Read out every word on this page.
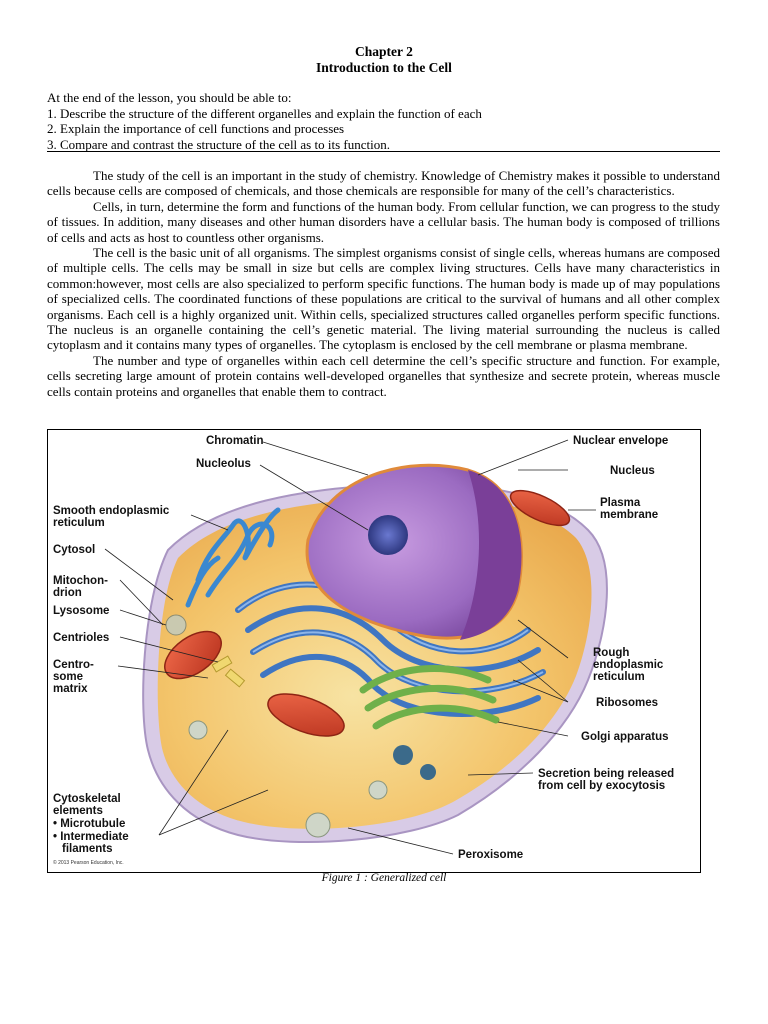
Chapter 2
Introduction to the Cell
At the end of the lesson, you should be able to:
1. Describe the structure of the different organelles and explain the function of each
2. Explain the importance of cell functions and processes
3. Compare and contrast the structure of the cell as to its function.

The study of the cell is an important in the study of chemistry. Knowledge of Chemistry makes it possible to understand cells because cells are composed of chemicals, and those chemicals are responsible for many of the cell’s characteristics.

Cells, in turn, determine the form and functions of the human body. From cellular function, we can progress to the study of tissues. In addition, many diseases and other human disorders have a cellular basis. The human body is composed of trillions of cells and acts as host to countless other organisms.

The cell is the basic unit of all organisms. The simplest organisms consist of single cells, whereas humans are composed of multiple cells. The cells may be small in size but cells are complex living structures. Cells have many characteristics in common:however, most cells are also specialized to perform specific functions. The human body is made up of may populations of specialized cells. The coordinated functions of these populations are critical to the survival of humans and all other complex organisms. Each cell is a highly organized unit. Within cells, specialized structures called organelles perform specific functions. The nucleus is an organelle containing the cell’s genetic material. The living material surrounding the nucleus is called cytoplasm and it contains many types of organelles. The cytoplasm is enclosed by the cell membrane or plasma membrane.

The number and type of organelles within each cell determine the cell’s specific structure and function. For example, cells secreting large amount of protein contains well-developed organelles that synthesize and secrete protein, whereas muscle cells contain proteins and organelles that enable them to contract.

Chromatin
Nucleolus
Smooth endoplasmic
reticulum
Cytosol
Mitochon-
drion
Lysosome
Centrioles
Centro-
some
matrix
Cytoskeletal
elements
• Microtubule
• Intermediate
filaments
© 2013 Pearson Education, Inc.
Nuclear envelope
Nucleus
Plasma
membrane
Rough
endoplasmic
reticulum
Ribosomes
Golgi apparatus
Secretion being released
from cell by exocytosis
Peroxisome
Figure 1 : Generalized cell
